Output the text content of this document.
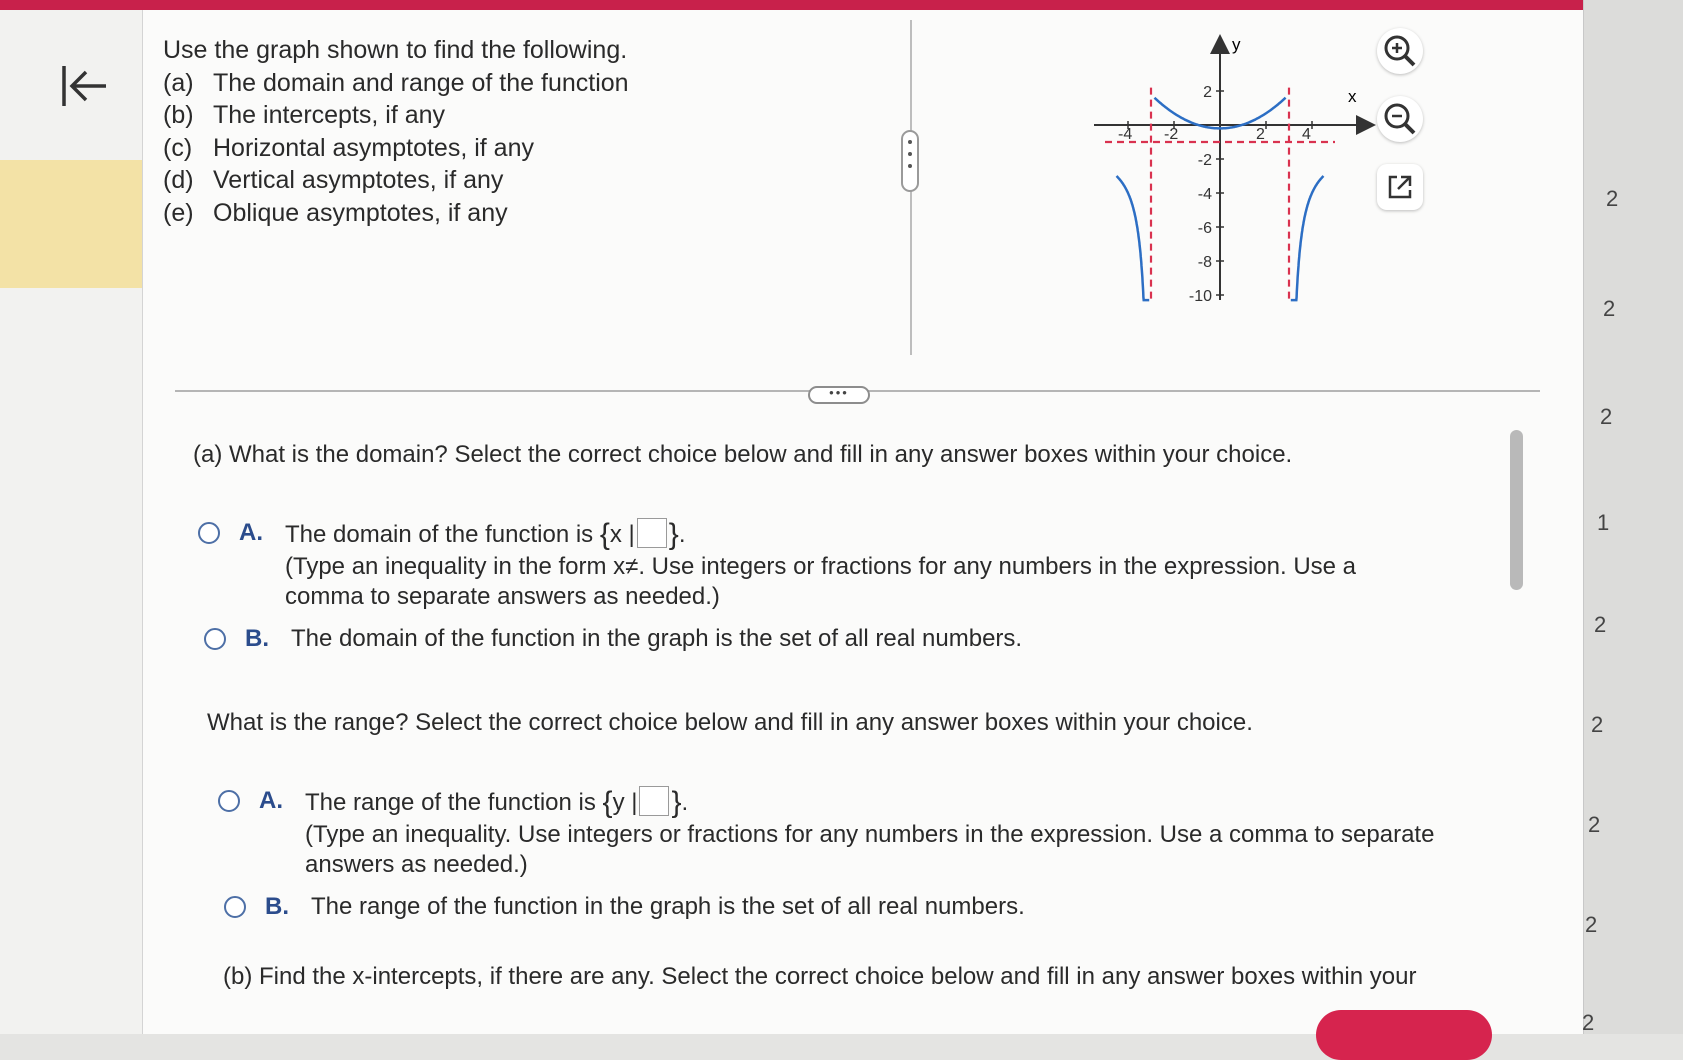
Use the graph shown to find the following.
(a) The domain and range of the function
(b) The intercepts, if any
(c) Horizontal asymptotes, if any
(d) Vertical asymptotes, if any
(e) Oblique asymptotes, if any
x
y
-4 -2	2 4
2
-2
-4
-6
-8
-10
•••
2
2
2
1
2
2
2
2
2
(a) What is the domain? Select the correct choice below and fill in any answer boxes within your choice.
A. The domain of the function is {x | }.
(Type an inequality in the form x≠. Use integers or fractions for any numbers in the expression. Use a
comma to separate answers as needed.)
B. The domain of the function in the graph is the set of all real numbers.
What is the range? Select the correct choice below and fill in any answer boxes within your choice.
A. The range of the function is {y | }.
(Type an inequality. Use integers or fractions for any numbers in the expression. Use a comma to separate
answers as needed.)
B. The range of the function in the graph is the set of all real numbers.
(b) Find the x-intercepts, if there are any. Select the correct choice below and fill in any answer boxes within your
